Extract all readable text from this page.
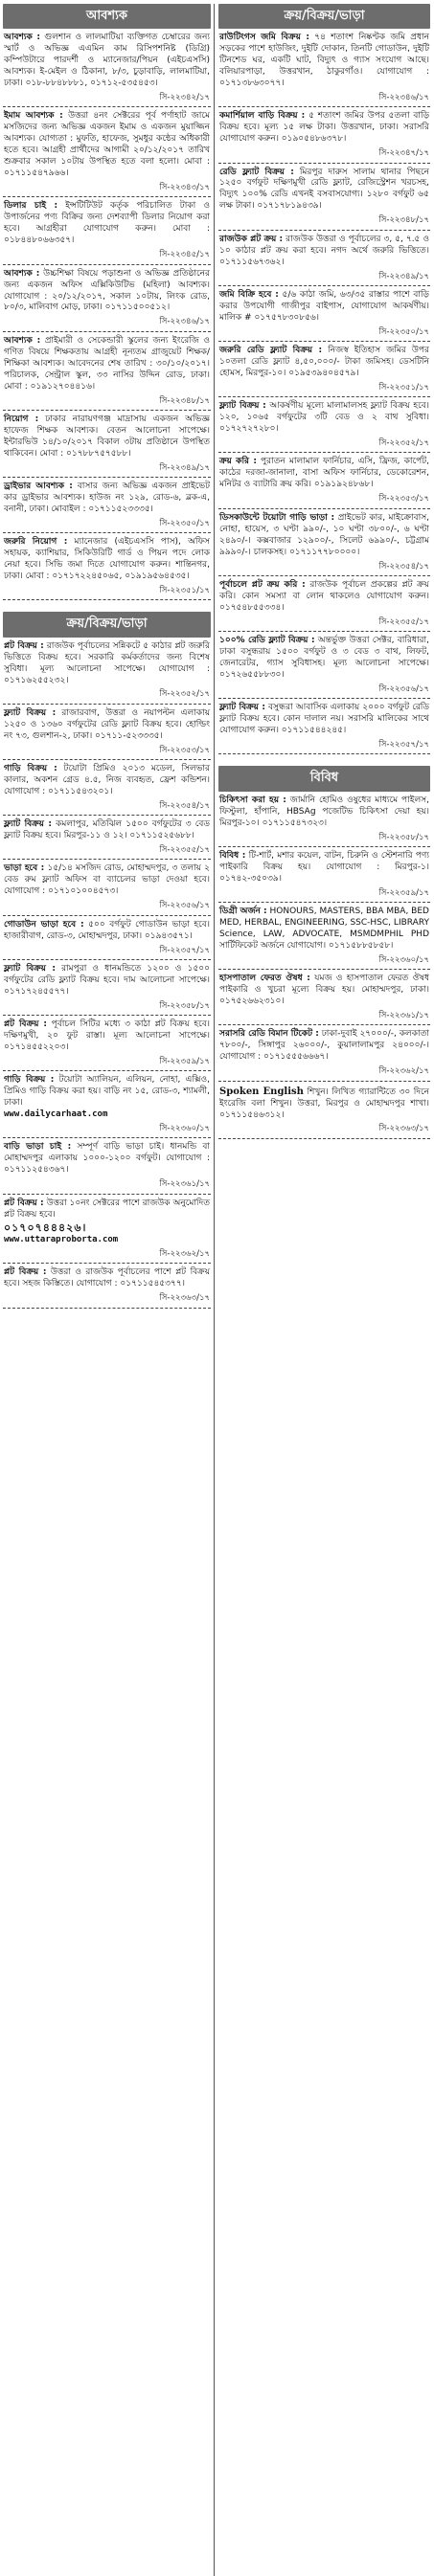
আবশ্যক
আবশ্যক : গুলশান ও লালমাটিয়া ব্যক্তিগত চেম্বারের জন্য স্মার্ট ও অভিজ্ঞ এএমিন কাম রিসিপশনিষ্ট (ডিগ্রি) কম্পিউটারে পারদর্শী ও ম্যানেজার/পিয়ন (এইচএসসি) আবশ্যক। ই-মেইল ও ঠিকানা, ৮/৩, চুড়াবাড়ি, লালমাটিয়া, ঢাকা। ০১৮-৮৮৪৮৮৮১, ০১৭১২-৫৩৫৪৫৩।
সি-২২৩৪২/১৭
ইমাম আবশ্যক : উত্তরা ৪নং সেক্টরের পূর্ব পর্ণাহাট জামে মসজিদের জন্য অভিজ্ঞ একজন ইমাম ও একজন মুয়াজ্জিন আবশ্যক। যোগ্যতা : মুফতি, হাফেজ, সুমধুর কন্ঠের অধিকারী হতে হবে। আগ্রহী প্রার্থীদের আগামী ২০/১২/২০১৭ তারিখ শুক্রবার সকাল ১০টায় উপস্থিত হতে বলা হলো। মোবা : ০১৭১১৫৪৭৯৬৬।
সি-২২৩৪৩/১৭
ডিলার চাই : ইন্সটিটিউট কর্তৃক পরিচালিত টাকা ও উপার্জনের পণ্য বিক্রির জন্য দেশব্যাপী ডিলার নিয়োগ করা হবে। আগ্রহীরা যোগাযোগ করুন। মোবা : ০১৮৪৪৮০৬৬৩৫৭।
সি-২২৩৪৫/১৭
আবশ্যক : উচ্চশিক্ষা বিষয়ে পড়াশুনা ও অভিজ্ঞ প্রতিষ্ঠানের জন্য একজন অফিস এক্সিকিউটিভ (মহিলা) আবশ্যক। যোগাযোগ : ২০/১২/২০১৭, সকাল ১০টায়, লিংক রোড, ৮০/৩, মালিবাগ মোড়, ঢাকা। ০১৭১১৫০০৫১২।
সি-২২৩৪৬/১৭
আবশ্যক : প্রাইমারী ও সেকেন্ডারী স্কুলের জন্য ইংরেজি ও গণিত বিষয়ে শিক্ষকতায় আগ্রহী নূন্যতম গ্রাজুয়েট শিক্ষক/শিক্ষিকা আবশ্যক। আবেদনের শেষ তারিখ : ৩০/১০/২০১৭। পরিচালক, সেন্ট্রাল স্কুল, ৩৩ নাসির উদ্দিন রোড, ঢাকা। মোবা : ০১৯১২৭০৪৪১৬।
সি-২২৩৪৮/১৭
নিয়োগ : ঢাকার নারায়ণগঞ্জ মাদ্রাসায় একজন অভিজ্ঞ হাফেজ শিক্ষক আবশ্যক। বেতন আলোচনা সাপেক্ষে। ইন্টারভিউ ১৪/১০/২০১৭ বিকাল ৩টায় প্রতিষ্ঠানে উপস্থিত থাকিবেন। মোবা : ০১৭৮৮৭৫৭৫৮৮।
সি-২২৩৪৯/১৭
ড্রাইভার আবশ্যক : বাসার জন্য অভিজ্ঞ একজন প্রাইভেট কার ড্রাইভার আবশ্যক। হাউজ নং ১২৯, রোড-৬, ব্লক-এ, বনানী, ঢাকা। মোবাইল : ০১৭১১৫২৩৩৩৫।
সি-২২৩৫০/১৭
জরুরি নিয়োগ : ম্যানেজার (এইচএসসি পাস), অফিস সহায়ক, ক্যাশিয়ার, সিকিউরিটি গার্ড ও পিয়ন পদে লোক নেয়া হবে। সিভি জমা দিতে যোগাযোগ করুন। শান্তিনগর, ঢাকা। মোবা : ০১৭১৭২২৪৫০৬৫, ০১৯১৯৫৬৪৫৩৫।
সি-২২৩৫১/১৭
ক্রয়/বিক্রয়/ভাড়া
প্লট বিক্রয় : রাজউক পূর্বাচলের সন্নিকটে ৫ কাঠার প্লট জরুরি ভিত্তিতে বিক্রয় হবে। সরকারি কর্মকর্তাদের জন্য বিশেষ সুবিধা। মূল্য আলোচনা সাপেক্ষে। যোগাযোগ : ০১৭১৬২৫৫২৩২।
সি-২২৩৫২/১৭
ফ্ল্যাট বিক্রয় : রাজারবাগ, উত্তরা ও নয়াপল্টন এলাকায় ১২৫০ ও ১৩৬০ বর্গফুটের রেডি ফ্ল্যাট বিক্রয় হবে। হোল্ডিং নং ৭৩, গুলশান-২, ঢাকা। ০১৭১১-৫২৩৩৩৫।
সি-২২৩৫৩/১৭
গাড়ি বিক্রয় : টয়োটা প্রিমিও ২০১৩ মডেল, সিলভার কালার, অকশন গ্রেড ৪.৫, নিজ ব্যবহৃত, ফ্রেশ কন্ডিশন। যোগাযোগ : ০১৭১১৫৪৩২০১।
সি-২২৩৫৪/১৭
ফ্ল্যাট বিক্রয় : কমলাপুর, মতিঝিল ১৫০০ বর্গফুটের ৩ বেড ফ্ল্যাট বিক্রয় হবে। মিরপুর-১১ ও ১২। ০১৭১১৫২৫৬৮৮।
সি-২২৩৫৫/১৭
ভাড়া হবে : ১৫/১৪ মসজিদ রোড, মোহাম্মদপুর, ৩ তলায় ২ বেড রুম ফ্ল্যাট অফিস বা ব্যাচেলর ভাড়া দেওয়া হবে। যোগাযোগ : ০১৭১০১০০৪৫৭৩।
সি-২২৩৫৬/১৭
গোডাউন ভাড়া হবে : ৫০০ বর্গফুট গোডাউন ভাড়া হবে। হাজারীবাগ, রোড-৩, মোহাম্মদপুর, ঢাকা। ০১৯৪৩৫৭১।
সি-২২৩৫৭/১৭
ফ্ল্যাট বিক্রয় : রামপুরা ও ধানমন্ডিতে ১২০০ ও ১৫০০ বর্গফুটের রেডি ফ্ল্যাট বিক্রয় হবে। দাম আলোচনা সাপেক্ষে। ০১৭১৭২৪৫৫৭৭।
সি-২২৩৫৮/১৭
প্লট বিক্রয় : পূর্বাচল সিটির মধ্যে ৩ কাঠা প্লট বিক্রয় হবে। দক্ষিণমুখী, ২০ ফুট রাস্তা। মূল্য আলোচনা সাপেক্ষে। ০১৭১৪৫৫২২০৩।
সি-২২৩৫৯/১৭
গাড়ি বিক্রয় : টয়োটা অ্যালিয়ন, এলিয়ন, নোহা, এক্সিও, প্রিমিও গাড়ি বিক্রয় করা হয়। বাড়ি নং ১৫, রোড-৩, শ্যামলী, ঢাকা।
www.dailycarhaat.com
সি-২২৩৬০/১৭
বাড়ি ভাড়া চাই : সম্পূর্ণ বাড়ি ভাড়া চাই। ধানমন্ডি বা মোহাম্মদপুর এলাকায় ১০০০-১২০০ বর্গফুট। যোগাযোগ : ০১৭১১২৫৪৩৬৭।
সি-২২৩৬১/১৭
প্লট বিক্রয় : উত্তরা ১০নং সেক্টরের পাশে রাজউক অনুমোদিত প্লট বিক্রয় হবে।
০১৭০৭৪৪৪২৬।
www.uttaraproborta.com
সি-২২৩৬২/১৭
প্লট বিক্রয় : উত্তরা ও রাজউক পূর্বাচলের পাশে প্লট বিক্রয় হবে। সহজ কিস্তিতে। যোগাযোগ : ০১৭১১৫৪৫৩৭৭।
সি-২২৩৬৩/১৭
ক্রয়/বিক্রয়/ভাড়া
রাউটিংগস জমি বিক্রয় : ৭৪ শতাংশ নিষ্কণ্টক জমি প্রধান সড়কের পাশে হাউজিং, দুইটি দোকান, তিনটি গোডাউন, দুইটি টিনশেড ঘর, একটি ঘাট, বিদ্যুৎ ও গ্যাস সংযোগ আছে। বলিয়ারপাড়া, উত্তরখান, ঠাকুরগাঁও। যোগাযোগ : ০১৭১৩৮৬৩০৭৭।
সি-২২৩৪৬/১৭
কমার্শিয়াল বাড়ি বিক্রয় : ৫ শতাংশ জমির উপর ৫তলা বাড়ি বিক্রয় হবে। মূল্য ১৫ লক্ষ টাকা। উত্তরখান, ঢাকা। সরাসরি যোগাযোগ করুন। ০১৯০৫৪৮৬৩৭৮।
সি-২২৩৪৭/১৭
রেডি ফ্ল্যাট বিক্রয় : মিরপুর দারুস সালাম থানার পিছনে ১২৫০ বর্গফুট দক্ষিণমুখী রেডি ফ্ল্যাট, রেজিস্ট্রেশন খরচসহ, বিদ্যুৎ ১০০% রেডি এখনই বসবাসযোগ্য। ১২৮০ বর্গফুট ৬৫ লক্ষ টাকা। ০১৭১৭৮১৯৪৩৯।
সি-২২৩৪৮/১৭
রাজউক প্লট ক্রয় : রাজউক উত্তরা ও পূর্বাচলের ৩, ৫, ৭.৫ ও ১০ কাঠার প্লট ক্রয় করা হবে। নগদ অর্থে জরুরি ভিত্তিতে। ০১৭১১৫৬৭৩৬২।
সি-২২৩৪৯/১৭
জমি বিক্রি হবে : ৫/৬ কাঠা জমি, ৬৩/৩৫ রাস্তার পাশে বাড়ি করার উপযোগী গাজীপুর বাইপাস, যোগাযোগ আকর্ষণীয়। মালিক # ০১৭৫৭৮৩০৮৫৬।
সি-২২৩৫০/১৭
জরুরি রেডি ফ্ল্যাট বিক্রয় : নিজস্ব ইতিহাস জমির উপর ১০তলা রেডি ফ্ল্যাট ৪,৫০,০০০/- টাকা জমিসহ। ডেসটিনি হোমস, মিরপুর-১০। ০১৯৫৩৯৪০৪৫৭৯।
সি-২২৩৫১/১৭
ফ্ল্যাট বিক্রয় : আকর্ষণীয় মূল্যে মালামালসহ ফ্ল্যাট বিক্রয় হবে। ১২০, ১০৬৫ বর্গফুটের ৩টি বেড ও ২ বাথ সুবিধা। ০১৭২৭২৭২৮০।
সি-২২৩৫২/১৭
ক্রয় করি : পুরাতন মালামাল ফার্নিচার, এসি, ফ্রিজ, কার্পেট, কাঠের দরজা-জানালা, বাসা অফিস ফার্নিচার, ডেকোরেশন, মনিটর ও ব্যাটারি ক্রয় করি। ০১৯১৯২৪৮৬৮।
সি-২২৩৫৩/১৭
ডিসকাউন্টে টয়োটা গাড়ি ভাড়া : প্রাইভেট কার, মাইক্রোবাস, নোহা, হায়েস, ৩ ঘণ্টা ৯৯০/-, ১০ ঘণ্টা ৩৮০০/-, ৬ ঘণ্টা ২৪৯০/-। কক্সবাজার ১২৯০০/-, সিলেট ৬৯৯০/-, চট্টগ্রাম ৯৯৯০/-। চালকসহ। ০১৭১১৭৭৮০০০০।
সি-২২৩৫৪/১৭
পূর্বাচলে প্লট ক্রয় করি : রাজউক পূর্বাচল প্রকল্পের প্লট ক্রয় করি। কোন সমস্যা বা লোন থাকলেও যোগাযোগ করুন। ০১৭৫৪৮৫৫৩৩৪।
সি-২২৩৫৫/১৭
১০০% রেডি ফ্ল্যাট বিক্রয় : অন্তর্ভুক্ত উত্তরা সেক্টর, বারিধারা, ঢাকা বসুন্ধরায় ১৫০০ বর্গফুট ও ৩ বেড ৩ বাথ, লিফট, জেনারেটর, গ্যাস সুবিধাসহ। মূল্য আলোচনা সাপেক্ষে। ০১৭২৬৫৫৮৮৩০।
সি-২২৩৫৬/১৭
ফ্ল্যাট বিক্রয় : বসুন্ধরা আবাসিক এলাকায় ২০০০ বর্গফুট রেডি ফ্ল্যাট বিক্রয় হবে। কোন দালাল নয়। সরাসরি মালিকের সাথে যোগাযোগ করুন। ০১৭১১৫৪৪২৪৫।
সি-২২৩৫৭/১৭
বিবিধ
চিকিৎসা করা হয় : জার্মানি হোমিও ওষুধের মাধ্যমে পাইলস, ফিস্টুলা, হাঁপানি, HBSAg পজেটিভ চিকিৎসা দেয়া হয়। মিরপুর-১০। ০১৭১১৫৪৭৩২৩।
সি-২২৩৫৮/১৭
বিবিধ : টি-শার্ট, মশার কয়েল, বাটন, চিরুনি ও স্টেশনারি পণ্য পাইকারি বিক্রয় হয়। যোগাযোগ : মিরপুর-১। ০১৭৪২-৩৫০৩৯।
সি-২২৩৫৯/১৭
ডিগ্রী অর্জন : HONOURS, MASTERS, BBA MBA, BED MED, HERBAL, ENGINEERING, SSC-HSC, LIBRARY Science, LAW, ADVOCATE, MSMDMPHIL PHD সার্টিফিকেট অর্জনে যোগাযোগ। ০১৭১৫৮৮৫৮৫৮।
সি-২২৩৬০/১৭
হাসপাতাল ফেরত ঔষধ : যমজ ও হাসপাতাল ফেরত ঔষধ পাইকারি ও খুচরা মূল্যে বিক্রয় হয়। মোহাম্মদপুর, ঢাকা। ০১৭৫২৬৬২৩১০।
সি-২২৩৬১/১৭
সরাসরি রেডি বিমান টিকেট : ঢাকা-দুবাই ২৭০০০/-, কলকাতা ৭৮০০/-, সিঙ্গাপুর ২৬০০০/-, কুয়ালালামপুর ২৪০০০/-। যোগাযোগ : ০১৭১৫৫৫৬৬৬৭।
সি-২২৩৬২/১৭
Spoken English শিখুন। লিখিত গ্যারান্টিতে ৩০ দিনে ইংরেজি বলা শিখুন। উত্তরা, মিরপুর ও মোহাম্মদপুর শাখা। ০১৭১১৫৪৬৩১২।
সি-২২৩৬৩/১৭
